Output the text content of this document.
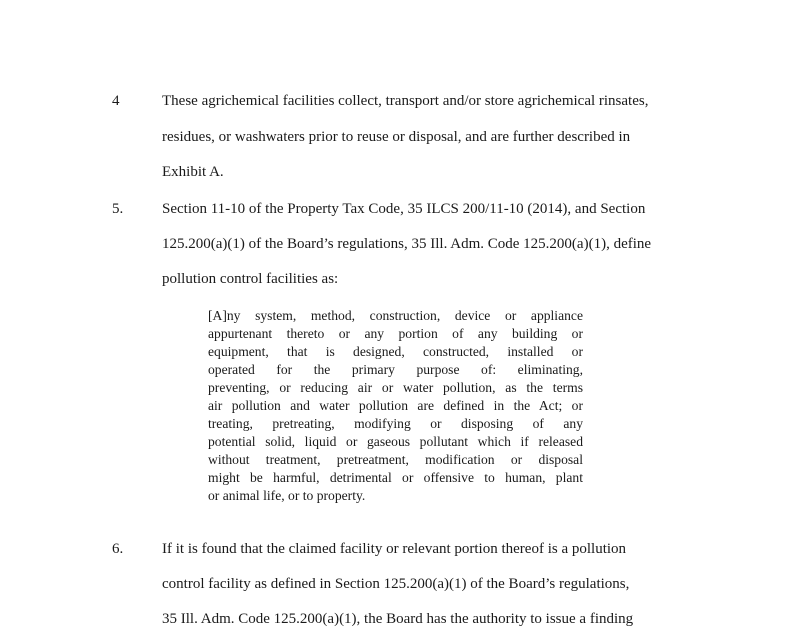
4	These agrichemical facilities collect, transport and/or store agrichemical rinsates,
residues, or washwaters prior to reuse or disposal, and are further described in
Exhibit A.
5.	Section 11-10 of the Property Tax Code, 35 ILCS 200/11-10 (2014), and Section
125.200(a)(1) of the Board’s regulations, 35 Ill. Adm. Code 125.200(a)(1), define
pollution control facilities as:
[A]ny system, method, construction, device or appliance
appurtenant thereto or any portion of any building or
equipment, that is designed, constructed, installed or
operated for the primary purpose of: eliminating,
preventing, or reducing air or water pollution, as the terms
air pollution and water pollution are defined in the Act; or
treating, pretreating, modifying or disposing of any
potential solid, liquid or gaseous pollutant which if released
without treatment, pretreatment, modification or disposal
might be harmful, detrimental or offensive to human, plant
or animal life, or to property.
6.	If it is found that the claimed facility or relevant portion thereof is a pollution
control facility as defined in Section 125.200(a)(1) of the Board’s regulations,
35 Ill. Adm. Code 125.200(a)(1), the Board has the authority to issue a finding
